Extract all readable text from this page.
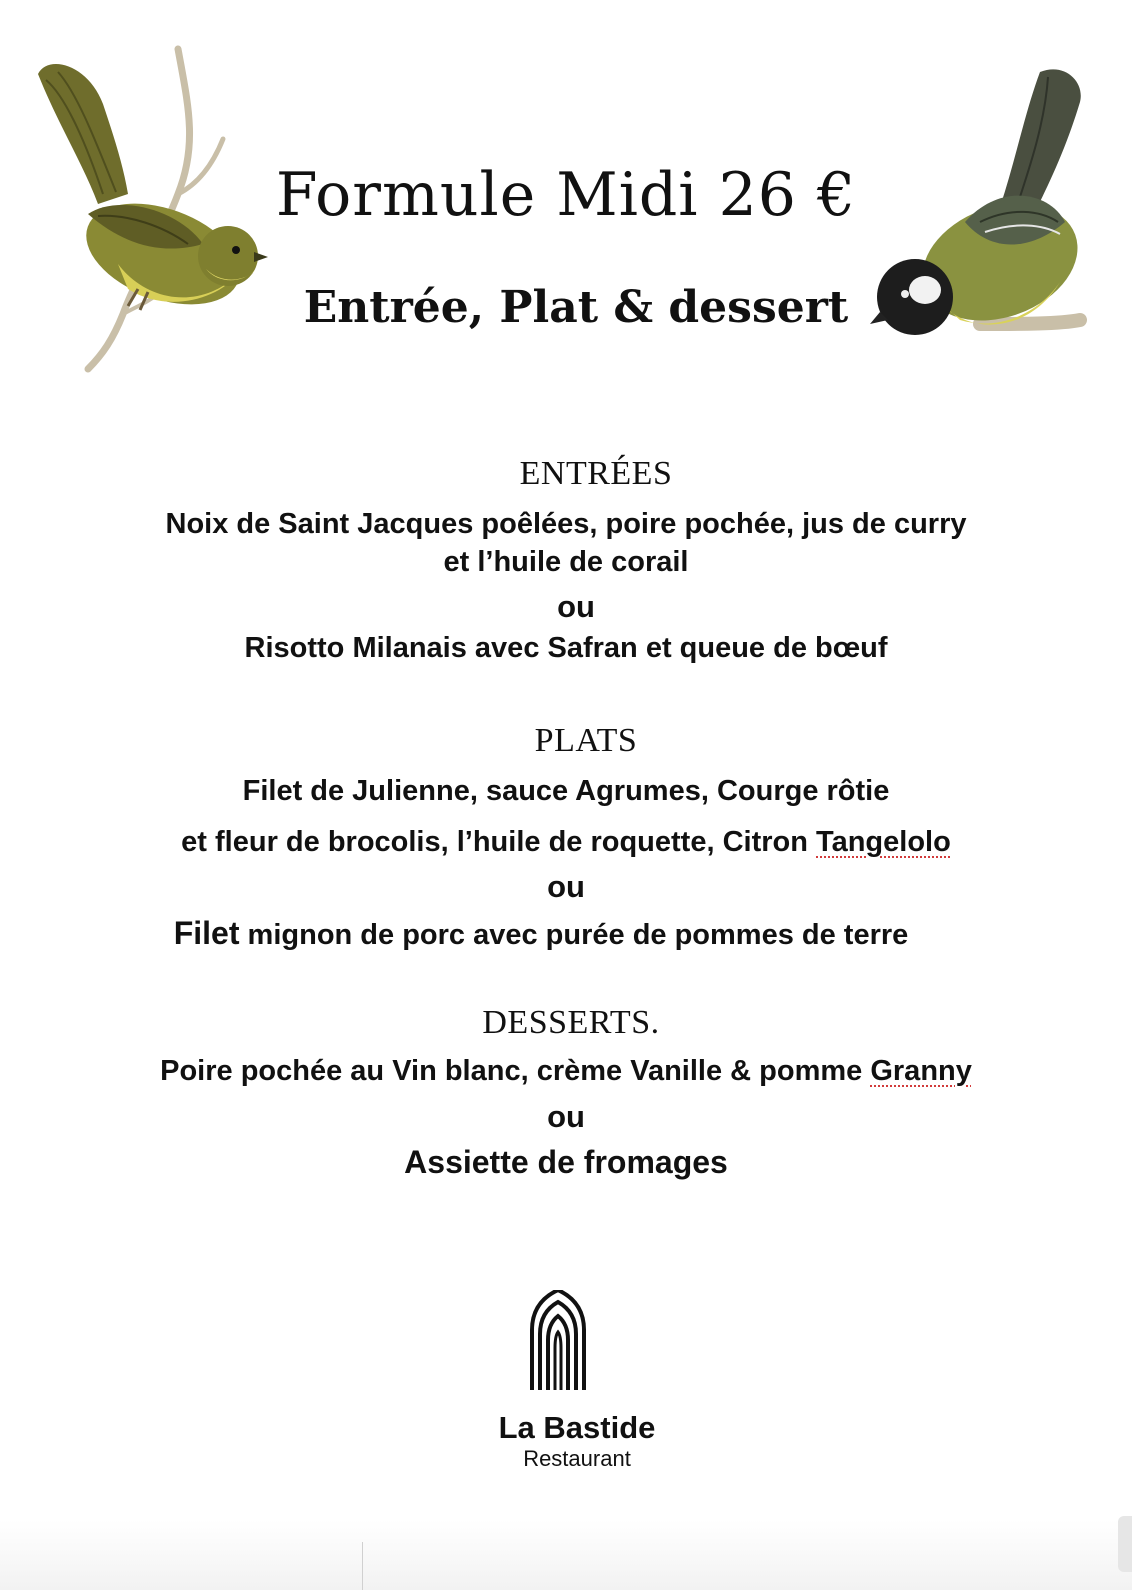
Formule Midi 26 €
Entrée, Plat & dessert
ENTRÉES

Noix de Saint Jacques poêlées, poire pochée, jus de curry

et l’huile de corail

ou

Risotto Milanais avec Safran et queue de bœuf

PLATS

Filet de Julienne, sauce Agrumes, Courge rôtie

et fleur de brocolis, l’huile de roquette, Citron Tangelolo

ou

Filet mignon de porc avec purée de pommes de terre

DESSERTS.

Poire pochée au Vin blanc, crème Vanille & pomme Granny

ou

Assiette de fromages

La Bastide

Restaurant
